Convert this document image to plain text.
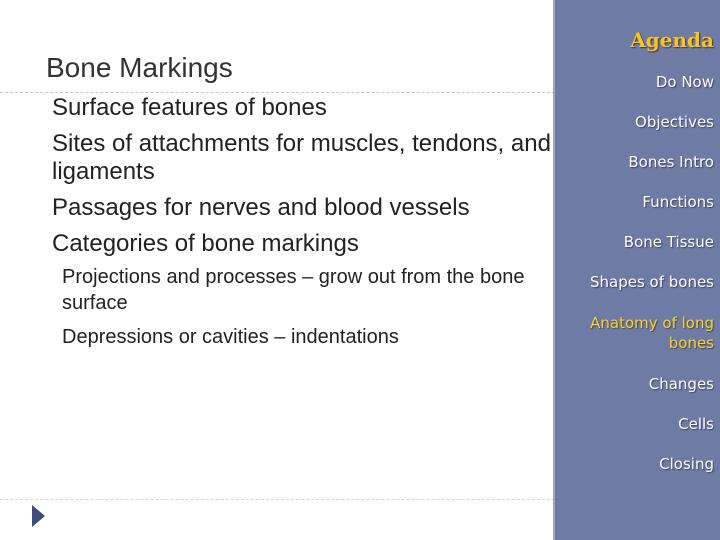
Bone Markings
Surface features of bones
Sites of attachments for muscles, tendons, and ligaments
Passages for nerves and blood vessels
Categories of bone markings
Projections and processes – grow out from the bone surface
Depressions or cavities – indentations
Agenda
Do Now
Objectives
Bones Intro
Functions
Bone Tissue
Shapes of bones
Anatomy of long bones
Changes
Cells
Closing
